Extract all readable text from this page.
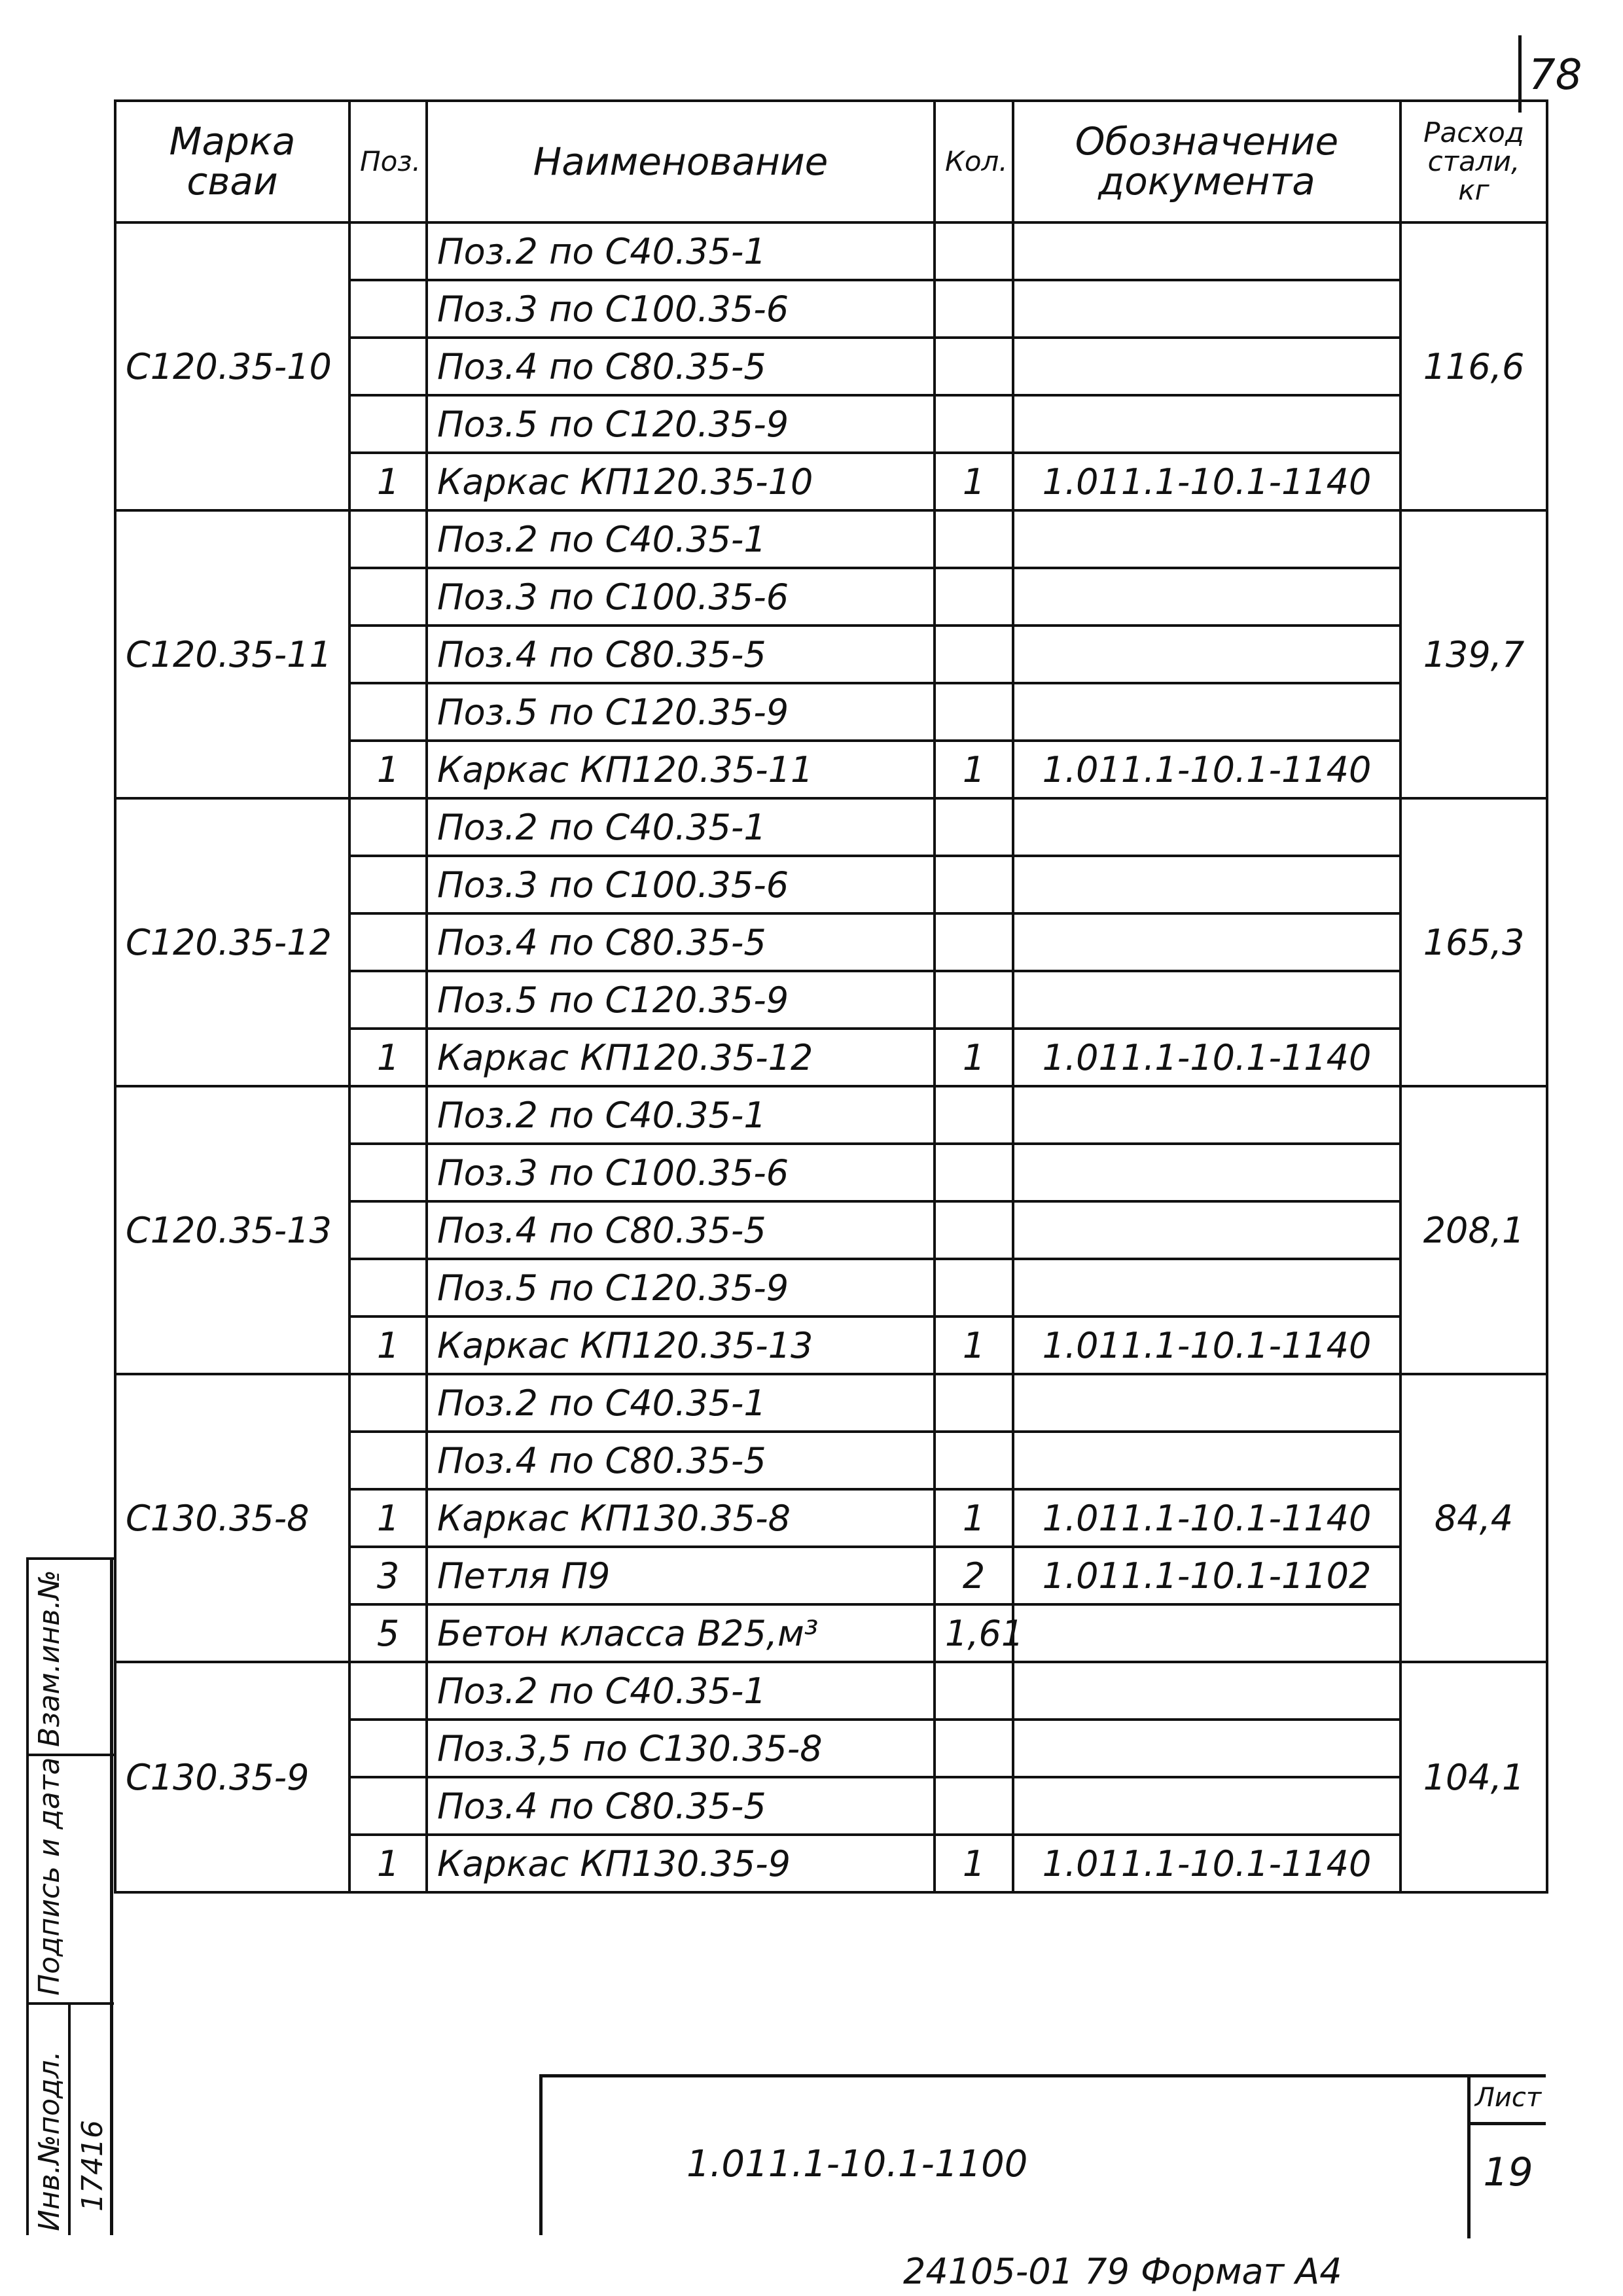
78
Марка сваи	Поз.	Наименование	Кол.	Обозначение документа	Расход стали, кг
С120.35-10		Поз.2 по С40.35-1			116,6
		Поз.3 по С100.35-6			
		Поз.4 по С80.35-5			
		Поз.5 по С120.35-9			
	1	Каркас КП120.35-10	1	1.011.1-10.1-1140	
С120.35-11		Поз.2 по С40.35-1			139,7
		Поз.3 по С100.35-6			
		Поз.4 по С80.35-5			
		Поз.5 по С120.35-9			
	1	Каркас КП120.35-11	1	1.011.1-10.1-1140	
С120.35-12		Поз.2 по С40.35-1			165,3
		Поз.3 по С100.35-6			
		Поз.4 по С80.35-5			
		Поз.5 по С120.35-9			
	1	Каркас КП120.35-12	1	1.011.1-10.1-1140	
С120.35-13		Поз.2 по С40.35-1			208,1
		Поз.3 по С100.35-6			
		Поз.4 по С80.35-5			
		Поз.5 по С120.35-9			
	1	Каркас КП120.35-13	1	1.011.1-10.1-1140	
С130.35-8		Поз.2 по С40.35-1			84,4
		Поз.4 по С80.35-5			
	1	Каркас КП130.35-8	1	1.011.1-10.1-1140	
	3	Петля П9	2	1.011.1-10.1-1102	
	5	Бетон класса В25,м³	1,61		
С130.35-9		Поз.2 по С40.35-1			104,1
		Поз.3,5 по С130.35-8			
		Поз.4 по С80.35-5			
	1	Каркас КП130.35-9	1	1.011.1-10.1-1140	
1.011.1-10.1-1100
Лист
19
Взам.инв.№
Подпись и дата
Инв.№подл. 17416
24105-01 79 Формат А4
